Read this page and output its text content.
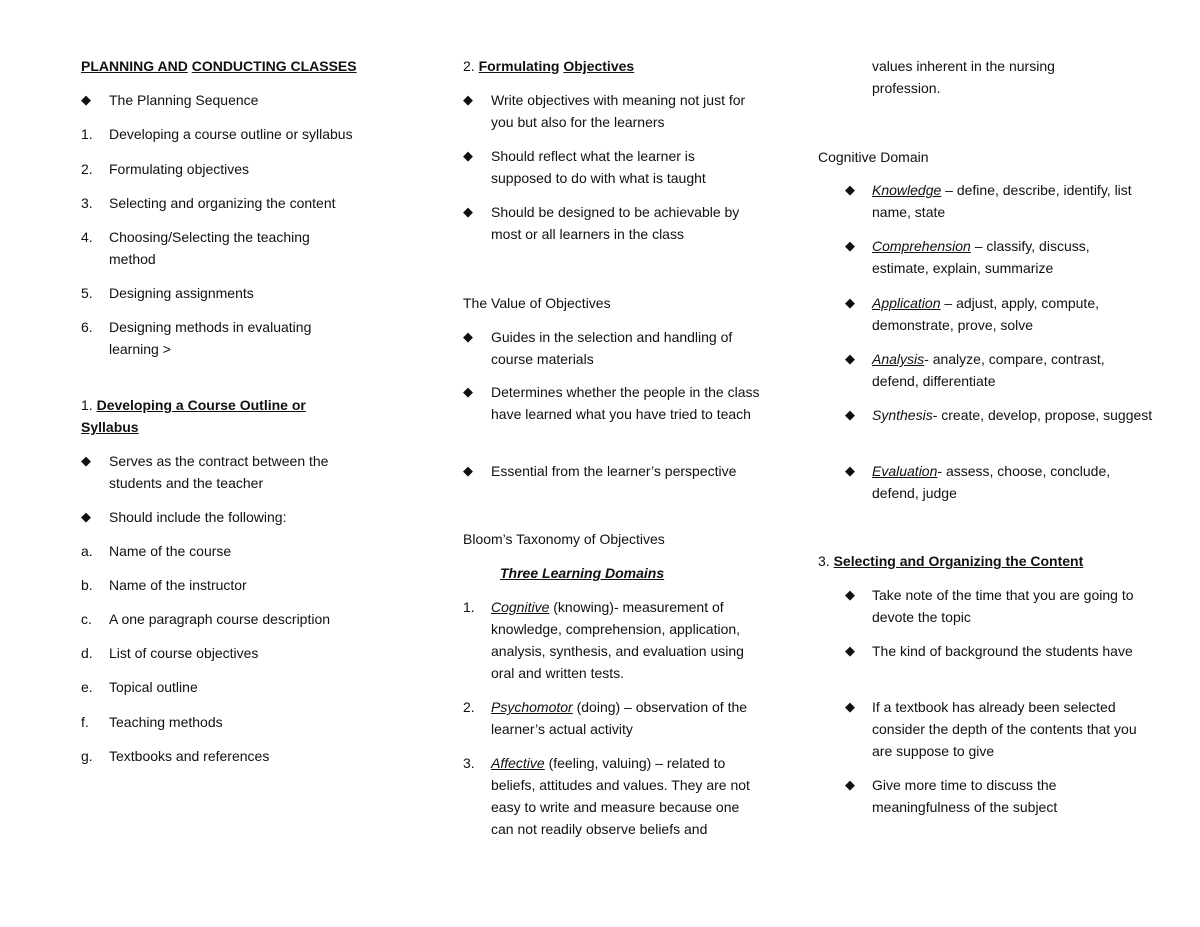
PLANNING AND CONDUCTING CLASSES
◆	The Planning Sequence
1.	Developing a course outline or syllabus
2.	Formulating objectives
3.	Selecting and organizing the content
4.	Choosing/Selecting the teaching method
5.	Designing assignments
6.	Designing methods in evaluating learning >
1. Developing a Course Outline or Syllabus
◆	Serves as the contract between the students and the teacher
◆	Should include the following:
a.	Name of the course
b.	Name of the instructor
c.	A one paragraph course description
d.	List of course objectives
e.	Topical outline
f.	Teaching methods
g.	Textbooks and references
2. Formulating Objectives
◆	Write objectives with meaning not just for you but also for the learners
◆	Should reflect what the learner is supposed to do with what is taught
◆	Should be designed to be achievable by most or all learners in the class
The Value of Objectives
◆	Guides in the selection and handling of course materials
◆	Determines whether the people in the class have learned what you have tried to teach
◆	Essential from the learner’s perspective
Bloom’s Taxonomy of Objectives
Three Learning Domains
1.	Cognitive (knowing)- measurement of knowledge, comprehension, application, analysis, synthesis, and evaluation using oral and written tests.
2.	Psychomotor (doing) – observation of the learner’s actual activity
3.	Affective (feeling, valuing) – related to beliefs, attitudes and values. They are not easy to write and measure because one can not readily observe beliefs and
values inherent in the nursing profession.
Cognitive Domain
◆	Knowledge – define, describe, identify, list name, state
◆	Comprehension – classify, discuss, estimate, explain, summarize
◆	Application – adjust, apply, compute, demonstrate, prove, solve
◆	Analysis- analyze, compare, contrast, defend, differentiate
◆	Synthesis- create, develop, propose, suggest
◆	Evaluation- assess, choose, conclude, defend, judge
3. Selecting and Organizing the Content
◆	Take note of the time that you are going to devote the topic
◆	The kind of background the students have
◆	If a textbook has already been selected consider the depth of the contents that you are suppose to give
◆	Give more time to discuss the meaningfulness of the subject
